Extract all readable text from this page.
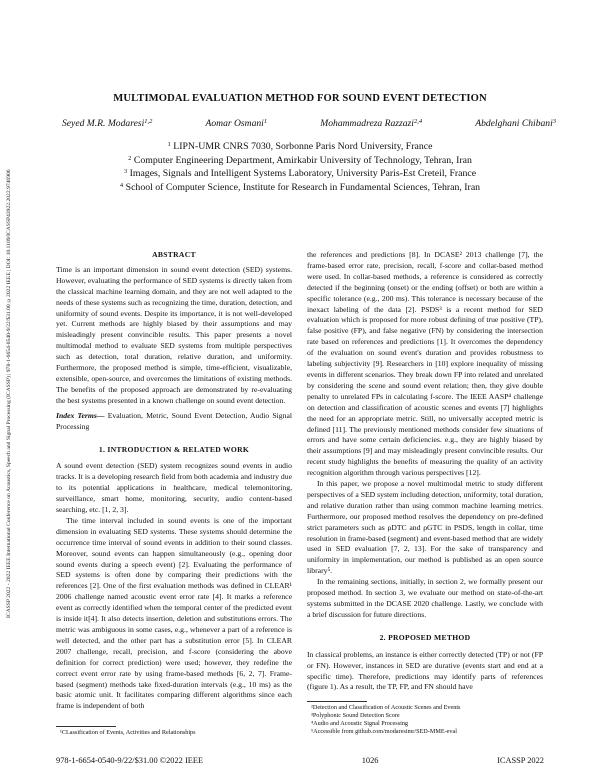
ICASSP 2022 - 2022 IEEE International Conference on Acoustics, Speech and Signal Processing (ICASSP) | 978-1-6654-0540-9/22/$31.00 ©2022 IEEE | DOI: 10.1109/ICASSP43922.2022.9746906
MULTIMODAL EVALUATION METHOD FOR SOUND EVENT DETECTION
Seyed M.R. Modaresi$^{1,2}$	Aomar Osmani$^1$	Mohammadreza Razzazi$^{2,4}$	Abdelghani Chibani$^3$

$^1$ LIPN-UMR CNRS 7030, Sorbonne Paris Nord University, France

$^2$ Computer Engineering Department, Amirkabir University of Technology, Tehran, Iran

$^3$ Images, Signals and Intelligent Systems Laboratory, University Paris-Est Creteil, France

$^4$ School of Computer Science, Institute for Research in Fundamental Sciences, Tehran, Iran

ABSTRACT

Time is an important dimension in sound event detection (SED) systems. However, evaluating the performance of SED systems is directly taken from the classical machine learning domain, and they are not well adapted to the needs of these systems such as recognizing the time, duration, detection, and uniformity of sound events. Despite its importance, it is not well-developed yet. Current methods are highly biased by their assumptions and may misleadingly present convincible results. This paper presents a novel multimodal method to evaluate SED systems from multiple perspectives such as detection, total duration, relative duration, and uniformity. Furthermore, the proposed method is simple, time-efficient, visualizable, extensible, open-source, and overcomes the limitations of existing methods. The benefits of the proposed approach are demonstrated by re-evaluating the best systems presented in a known challenge on sound event detection.

Index Terms— Evaluation, Metric, Sound Event Detection, Audio Signal Processing

1. INTRODUCTION & RELATED WORK

A sound event detection (SED) system recognizes sound events in audio tracks. It is a developing research field from both academia and industry due to its potential applications in healthcare, medical telemonitoring, surveillance, smart home, monitoring, security, audio content-based searching, etc. [1, 2, 3].

The time interval included in sound events is one of the important dimension in evaluating SED systems. These systems should determine the occurrence time interval of sound events in addition to their sound classes. Moreover, sound events can happen simultaneously (e.g., opening door sound events during a speech event) [2]. Evaluating the performance of SED systems is often done by comparing their predictions with the references [2]. One of the first evaluation methods was defined in CLEAR¹ 2006 challenge named acoustic event error rate [4]. It marks a reference event as correctly identified when the temporal center of the predicted event is inside it[4]. It also detects insertion, deletion and substitutions errors. The metric was ambiguous in some cases, e.g., whenever a part of a reference is well detected, and the other part has a substitution error [5]. In CLEAR 2007 challenge, recall, precision, and f-score (considering the above definition for correct prediction) were used; however, they redefine the correct event error rate by using frame-based methods [6, 2, 7]. Frame-based (segment) methods take fixed-duration intervals (e.g., 10 ms) as the basic atomic unit. It facilitates comparing different algorithms since each frame is independent of both

¹CLassification of Events, Activities and Relationships

the references and predictions [8]. In DCASE² 2013 challenge [7], the frame-based error rate, precision, recall, f-score and collar-based method were used. In collar-based methods, a reference is considered as correctly detected if the beginning (onset) or the ending (offset) or both are within a specific tolerance (e.g., 200 ms). This tolerance is necessary because of the inexact labeling of the data [2]. PSDS³ is a recent method for SED evaluation which is proposed for more robust defining of true positive (TP), false positive (FP), and false negative (FN) by considering the intersection rate based on references and predictions [1]. It overcomes the dependency of the evaluation on sound event's duration and provides robustness to labeling subjectivity [9]. Researchers in [10] explore inequality of missing events in different scenarios. They break down FP into related and unrelated by considering the scene and sound event relation; then, they give double penalty to unrelated FPs in calculating f-score. The IEEE AASP⁴ challenge on detection and classification of acoustic scenes and events [7] highlights the need for an appropriate metric. Still, no universally accepted metric is defined [11]. The previously mentioned methods consider few situations of errors and have some certain deficiencies. e.g., they are highly biased by their assumptions [9] and may misleadingly present convincible results. Our recent study highlights the benefits of measuring the quality of an activity recognition algorithm through various perspectives [12].

In this paper, we propose a novel multimodal metric to study different perspectives of a SED system including detection, uniformity, total duration, and relative duration rather than using common machine learning metrics. Furthermore, our proposed method resolves the dependency on pre-defined strict parameters such as ρDTC and ρGTC in PSDS, length in collar, time resolution in frame-based (segment) and event-based method that are widely used in SED evaluation [7, 2, 13]. For the sake of transparency and uniformity in implementation, our method is published as an open source library⁵.

In the remaining sections, initially, in section 2, we formally present our proposed method. In section 3, we evaluate our method on state-of-the-art systems submitted in the DCASE 2020 challenge. Lastly, we conclude with a brief discussion for future directions.

2. PROPOSED METHOD

In classical problems, an instance is either correctly detected (TP) or not (FP or FN). However, instances in SED are durative (events start and end at a specific time). Therefore, predictions may identify parts of references (figure 1). As a result, the TP, FP, and FN should have

²Detection and Classification of Acoustic Scenes and Events

³Polyphonic Sound Detection Score

⁴Audio and Acoustic Signal Processing

⁵Accessible from github.com/modaresimr/SED-MME-eval

978-1-6654-0540-9/22/$31.00 ©2022 IEEE	1026	ICASSP 2022
